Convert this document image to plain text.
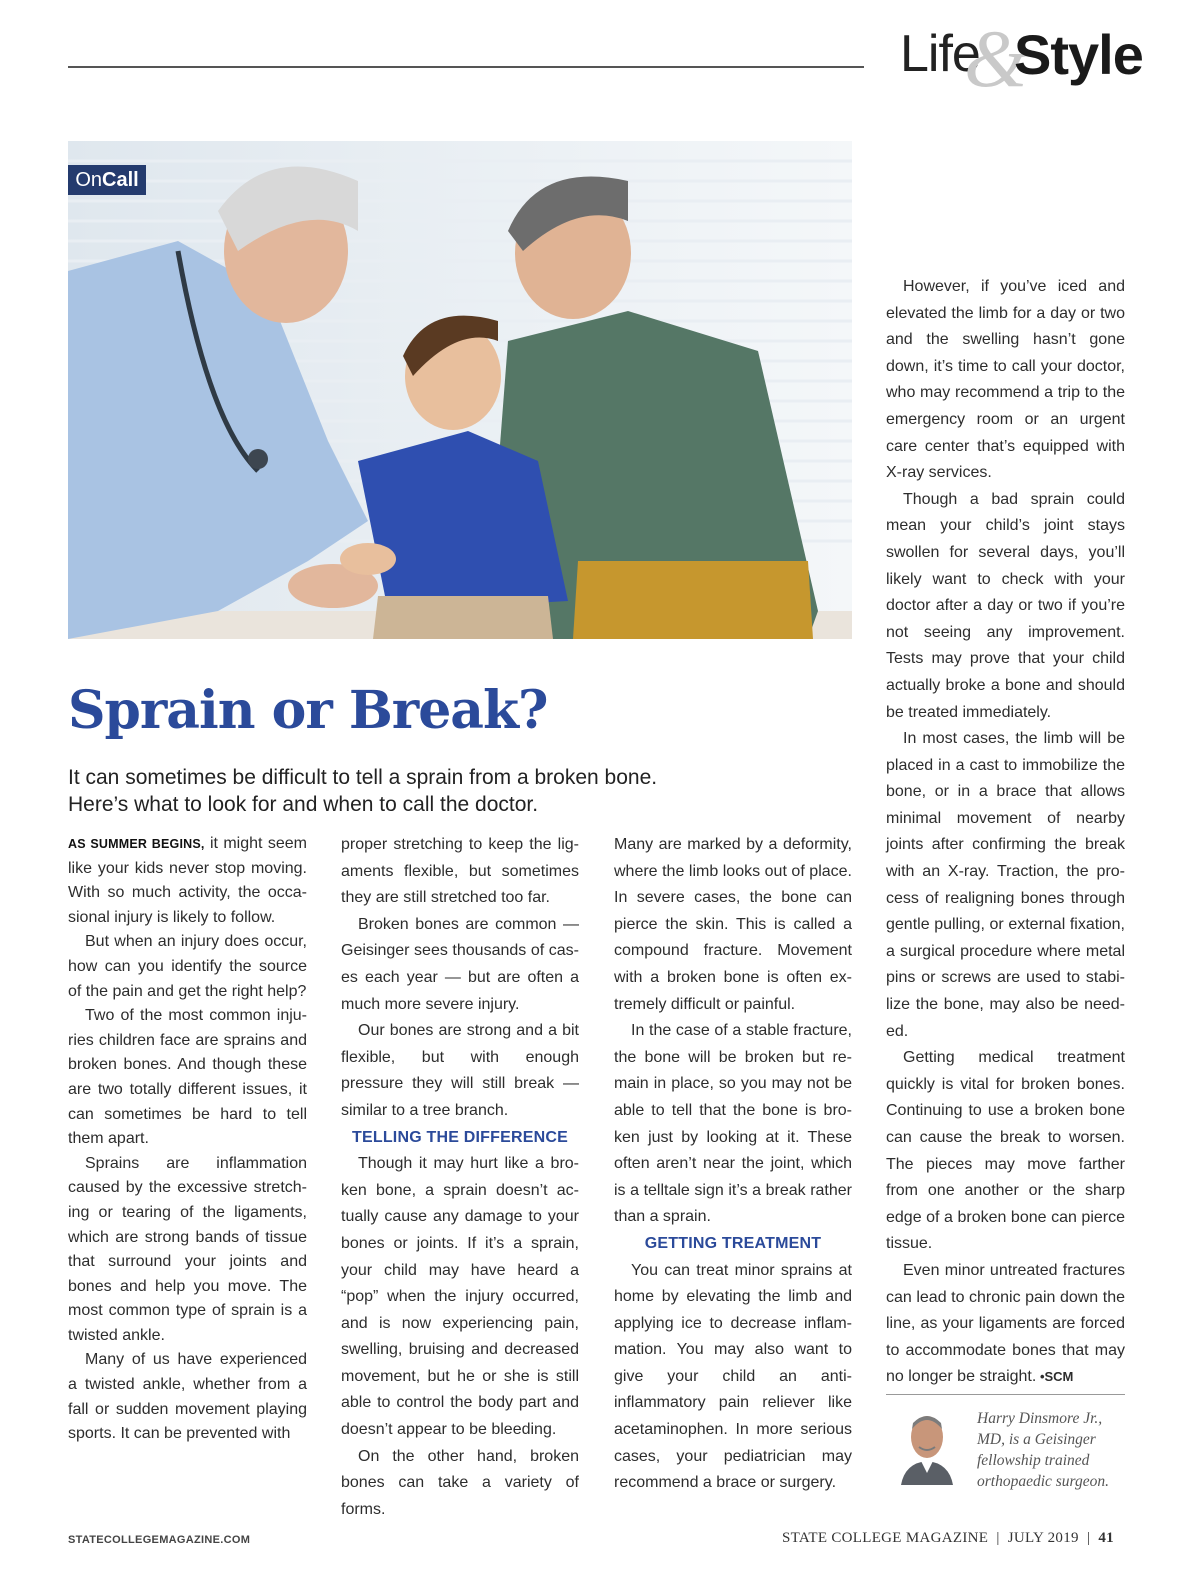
Life
&
Style
OnCall
Sprain or Break?
It can sometimes be difficult to tell a sprain from a broken bone.
Here’s what to look for and when to call the doctor.

AS SUMMER BEGINS, it might seem like your kids never stop moving. With so much activity, the occasional injury is likely to follow.

But when an injury does occur, how can you identify the source of the pain and get the right help?

Two of the most common injuries children face are sprains and broken bones. And though these are two totally different issues, it can sometimes be hard to tell them apart.

Sprains are inflammation caused by the excessive stretching or tearing of the ligaments, which are strong bands of tissue that surround your joints and bones and help you move. The most common type of sprain is a twisted ankle.

Many of us have experienced a twisted ankle, whether from a fall or sudden movement playing sports. It can be prevented with

proper stretching to keep the ligaments flexible, but sometimes they are still stretched too far.

Broken bones are common — Geisinger sees thousands of cases each year — but are often a much more severe injury.

Our bones are strong and a bit flexible, but with enough pressure they will still break — similar to a tree branch.

TELLING THE DIFFERENCE

Though it may hurt like a broken bone, a sprain doesn’t actually cause any damage to your bones or joints. If it’s a sprain, your child may have heard a “pop” when the injury occurred, and is now experiencing pain, swelling, bruising and decreased movement, but he or she is still able to control the body part and doesn’t appear to be bleeding.

On the other hand, broken bones can take a variety of forms.

Many are marked by a deformity, where the limb looks out of place. In severe cases, the bone can pierce the skin. This is called a compound fracture. Movement with a broken bone is often extremely difficult or painful.

In the case of a stable fracture, the bone will be broken but remain in place, so you may not be able to tell that the bone is broken just by looking at it. These often aren’t near the joint, which is a telltale sign it’s a break rather than a sprain.

GETTING TREATMENT

You can treat minor sprains at home by elevating the limb and applying ice to decrease inflammation. You may also want to give your child an anti-inflammatory pain reliever like acetaminophen. In more serious cases, your pediatrician may recommend a brace or surgery.

However, if you’ve iced and elevated the limb for a day or two and the swelling hasn’t gone down, it’s time to call your doctor, who may recommend a trip to the emergency room or an urgent care center that’s equipped with X-ray services.

Though a bad sprain could mean your child’s joint stays swollen for several days, you’ll likely want to check with your doctor after a day or two if you’re not seeing any improvement. Tests may prove that your child actually broke a bone and should be treated immediately.

In most cases, the limb will be placed in a cast to immobilize the bone, or in a brace that allows minimal movement of nearby joints after confirming the break with an X-ray. Traction, the process of realigning bones through gentle pulling, or external fixation, a surgical procedure where metal pins or screws are used to stabilize the bone, may also be needed.

Getting medical treatment quickly is vital for broken bones. Continuing to use a broken bone can cause the break to worsen. The pieces may move farther from one another or the sharp edge of a broken bone can pierce tissue.

Even minor untreated fractures can lead to chronic pain down the line, as your ligaments are forced to accommodate bones that may no longer be straight. •SCM

Harry Dinsmore Jr.,
MD, is a Geisinger
fellowship trained
orthopaedic surgeon.
STATECOLLEGEMAGAZINE.COM	STATE COLLEGE MAGAZINE | JULY 2019 | 41
